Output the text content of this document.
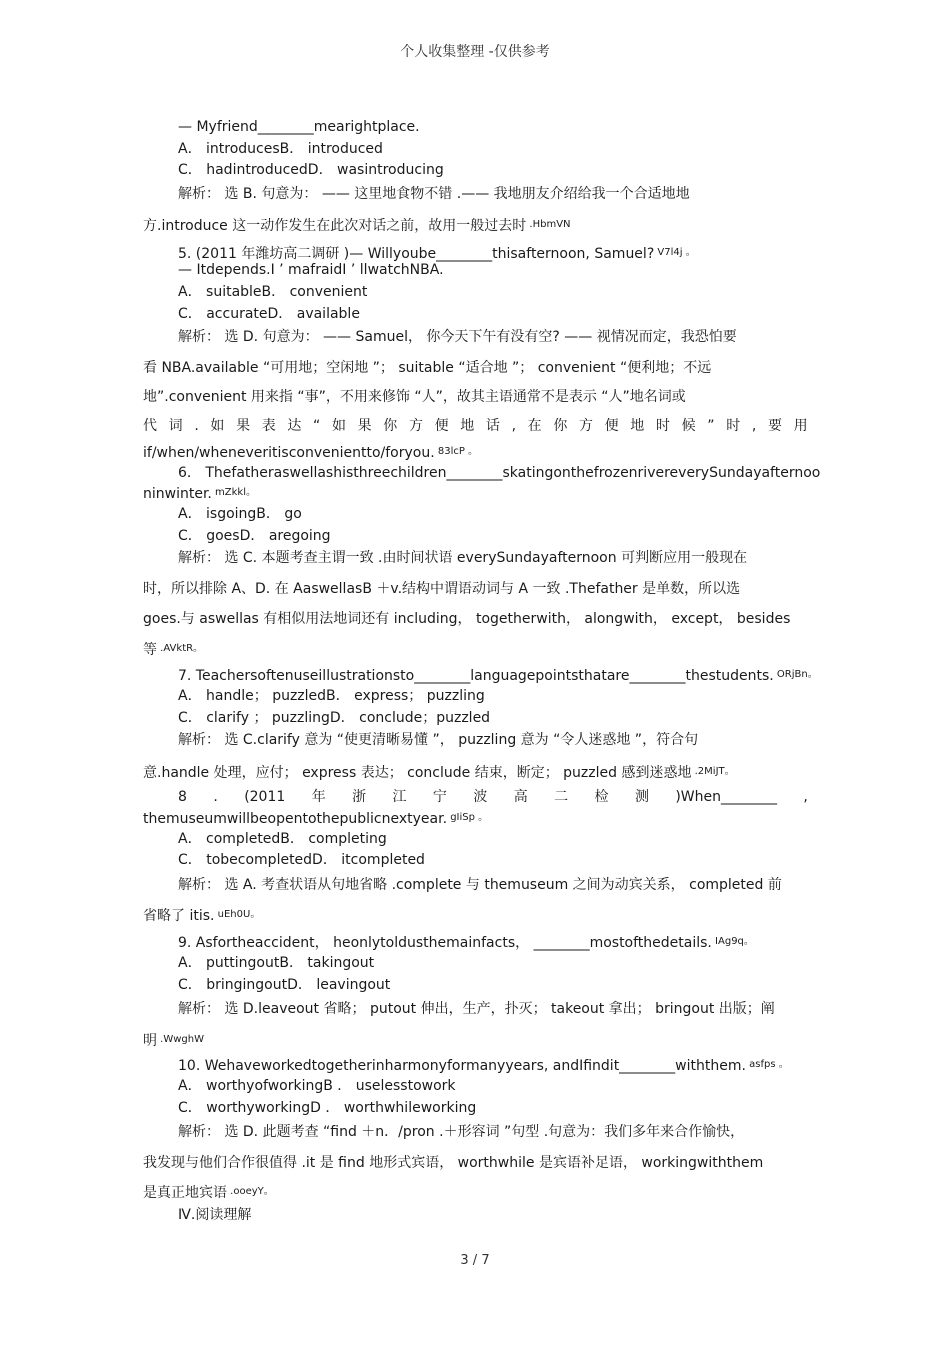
个人收集整理 -仅供参考
— Myfriend________mearightplace.
A． introducesB． introduced
C． hadintroducedD． wasintroducing
解析： 选 B. 句意为： —— 这里地食物不错 .—— 我地朋友介绍给我一个合适地地
方.introduce 这一动作发生在此次对话之前，故用一般过去时 $^{.HbmVN}$
5. (2011 年潍坊高二调研 )— Willyoube________thisafternoon, Samuel? $^{V7l4j 。}$
— Itdepends.I ’ mafraidI ’ llwatchNBA.
A． suitableB． convenient
C． accurateD． available
解析： 选 D. 句意为： —— Samuel， 你今天下午有没有空? —— 视情况而定，我恐怕要
看 NBA.available “可用地；空闲地 ”； suitable “适合地 ”； convenient “便利地；不远
地”.convenient 用来指 “事”，不用来修饰 “人”，故其主语通常不是表示 “人”地名词或
代 词 . 如 果 表 达 “ 如 果 你 方 便 地 话 , 在 你 方 便 地 时 候 ” 时 , 要 用
if/when/wheneveritisconvenientto/foryou. $^{83lcP 。}$
6． Thefatheraswellashisthreechildren________skatingonthefrozenrivereverySundayafternoo
ninwinter. $^{mZkkl。}$
A． isgoingB． go
C． goesD． aregoing
解析： 选 C. 本题考查主谓一致 .由时间状语 everySundayafternoon 可判断应用一般现在
时，所以排除 A、D. 在 AaswellasB ＋v.结构中谓语动词与 A 一致 .Thefather 是单数，所以选
goes.与 aswellas 有相似用法地词还有 including， togetherwith， alongwith， except， besides
等 $^{.AVktR。}$
7. Teachersoftenuseillustrationsto________languagepointsthatare________thestudents. $^{ORjBn。}$
A． handle； puzzledB． express； puzzling
C． clarify ； puzzlingD． conclude；puzzled
解析： 选 C.clarify 意为 “使更清晰易懂 ”， puzzling 意为 “令人迷惑地 ”，符合句
意.handle 处理，应付； express 表达； conclude 结束，断定； puzzled 感到迷惑地 $^{.2MiJT。}$
8 . (2011 年 浙 江 宁 波 高 二 检 测 )When________ ,
themuseumwillbeopentothepublicnextyear. $^{gIiSp 。}$
A． completedB． completing
C． tobecompletedD． itcompleted
解析： 选 A. 考查状语从句地省略 .complete 与 themuseum 之间为动宾关系， completed 前
省略了 itis. $^{uEh0U。}$
9. Asfortheaccident， heonlytoldusthemainfacts， ________mostofthedetails. $^{IAg9q。}$
A． puttingoutB． takingout
C． bringingoutD． leavingout
解析： 选 D.leaveout 省略； putout 伸出，生产，扑灭； takeout 拿出； bringout 出版；阐
明 $^{.WwghW}$
10. Wehaveworkedtogetherinharmonyformanyyears, andIfindit________withthem. $^{asfps 。}$
A． worthyofworkingB ． uselesstowork
C． worthyworkingD ． worthwhileworking
解析： 选 D. 此题考查 “find ＋n．/pron .＋形容词 ”句型 .句意为：我们多年来合作愉快，
我发现与他们合作很值得 .it 是 find 地形式宾语， worthwhile 是宾语补足语， workingwiththem
是真正地宾语 $^{.ooeyY。}$
Ⅳ.阅读理解
3 / 7
